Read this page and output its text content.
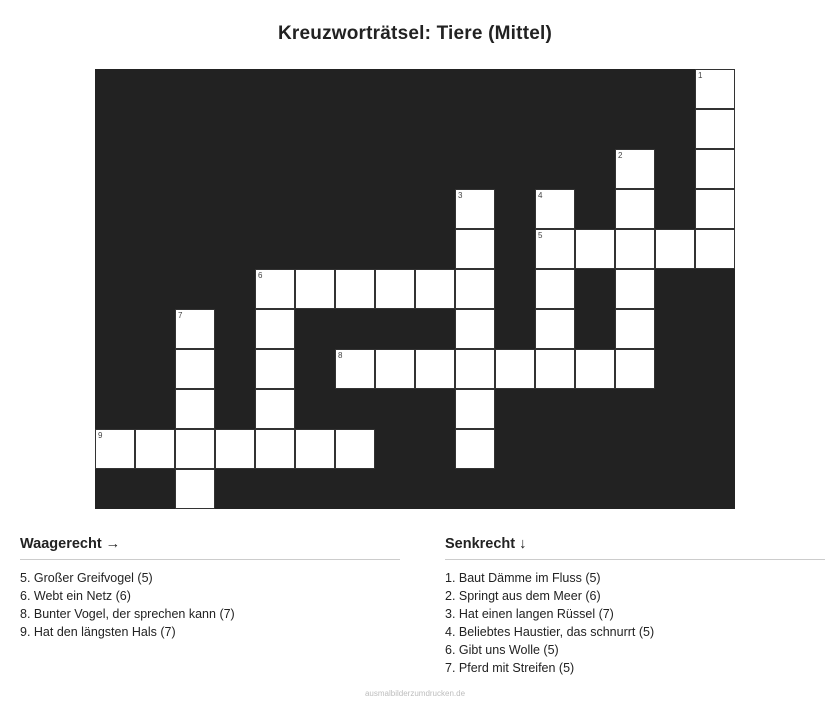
Kreuzworträtsel: Tiere (Mittel)
1
2
3	4
5
6
7
8
9
Waagerecht →
5. Großer Greifvogel (5)
6. Webt ein Netz (6)
8. Bunter Vogel, der sprechen kann (7)
9. Hat den längsten Hals (7)
Senkrecht ↓
1. Baut Dämme im Fluss (5)
2. Springt aus dem Meer (6)
3. Hat einen langen Rüssel (7)
4. Beliebtes Haustier, das schnurrt (5)
6. Gibt uns Wolle (5)
7. Pferd mit Streifen (5)
ausmalbilderzumdrucken.de
